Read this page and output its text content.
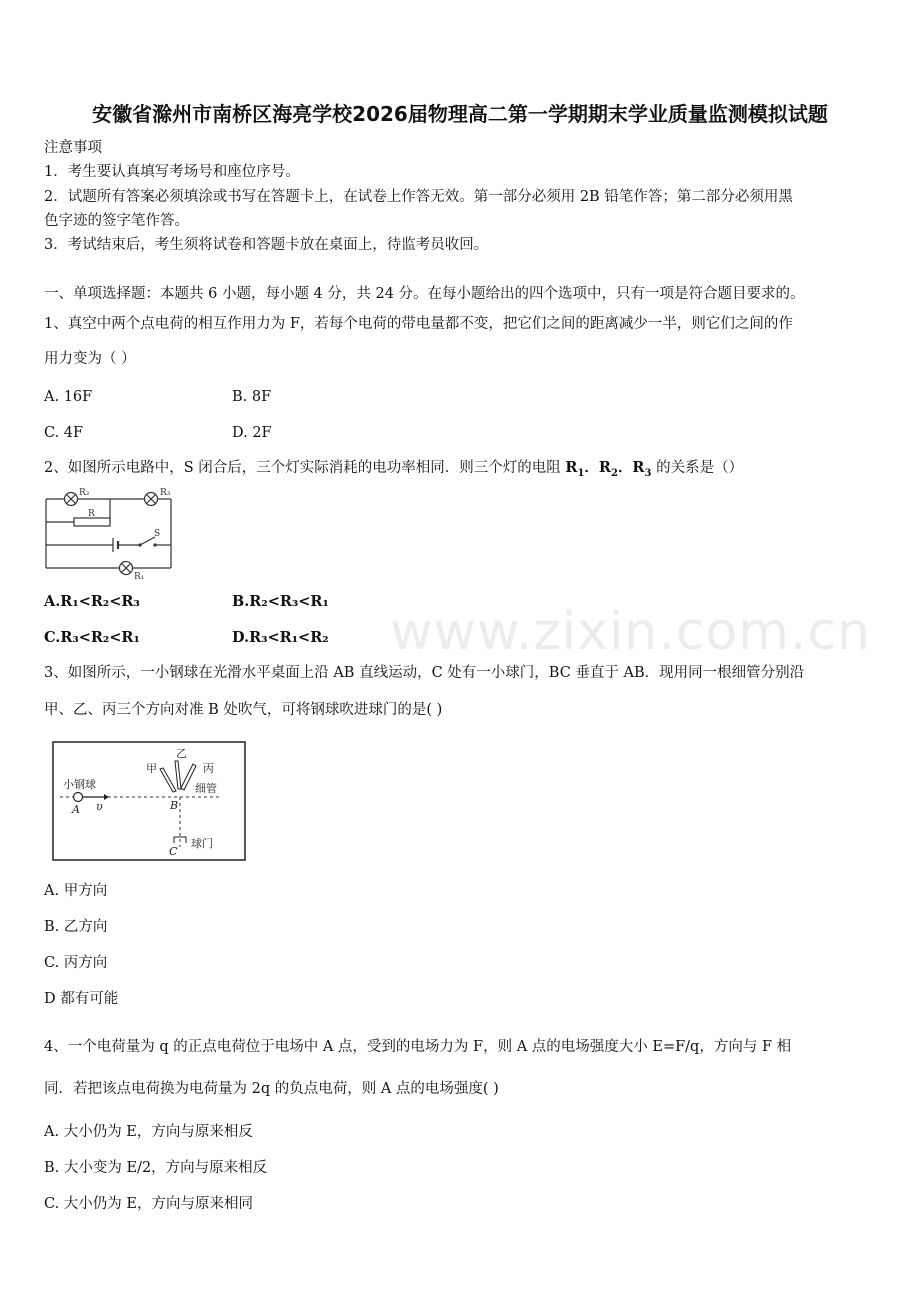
安徽省滁州市南桥区海亮学校2026届物理高二第一学期期末学业质量监测模拟试题
注意事项
1．考生要认真填写考场号和座位序号。
2．试题所有答案必须填涂或书写在答题卡上，在试卷上作答无效。第一部分必须用 2B 铅笔作答；第二部分必须用黑
色字迹的签字笔作答。
3．考试结束后，考生须将试卷和答题卡放在桌面上，待监考员收回。
一、单项选择题：本题共 6 小题，每小题 4 分，共 24 分。在每小题给出的四个选项中，只有一项是符合题目要求的。
1、真空中两个点电荷的相互作用力为 F，若每个电荷的带电量都不变，把它们之间的距离减少一半，则它们之间的作
用力变为（ ）
A. 16F	B. 8F
C. 4F	D. 2F
2、如图所示电路中，S 闭合后，三个灯实际消耗的电功率相同．则三个灯的电阻 $R_1$．$R_2$．$R_3$ 的关系是（）
R₂	R₃
R
S
R₁
A.R₁<R₂<R₃	B.R₂<R₃<R₁
C.R₃<R₂<R₁	D.R₃<R₁<R₂
3、如图所示，一小钢球在光滑水平桌面上沿 AB 直线运动，C 处有一小球门，BC 垂直于 AB．现用同一根细管分别沿
甲、乙、丙三个方向对准 B 处吹气，可将钢球吹进球门的是( )
小钢球
A υ	B
C
甲
乙
丙
细管
球门
A. 甲方向
B. 乙方向
C. 丙方向
D 都有可能
4、一个电荷量为 q 的正点电荷位于电场中 A 点，受到的电场力为 F，则 A 点的电场强度大小 E=F/q，方向与 F 相
同．若把该点电荷换为电荷量为 2q 的负点电荷，则 A 点的电场强度( )
A. 大小仍为 E，方向与原来相反
B. 大小变为 E/2，方向与原来相反
C. 大小仍为 E，方向与原来相同
www.zixin.com.cn
